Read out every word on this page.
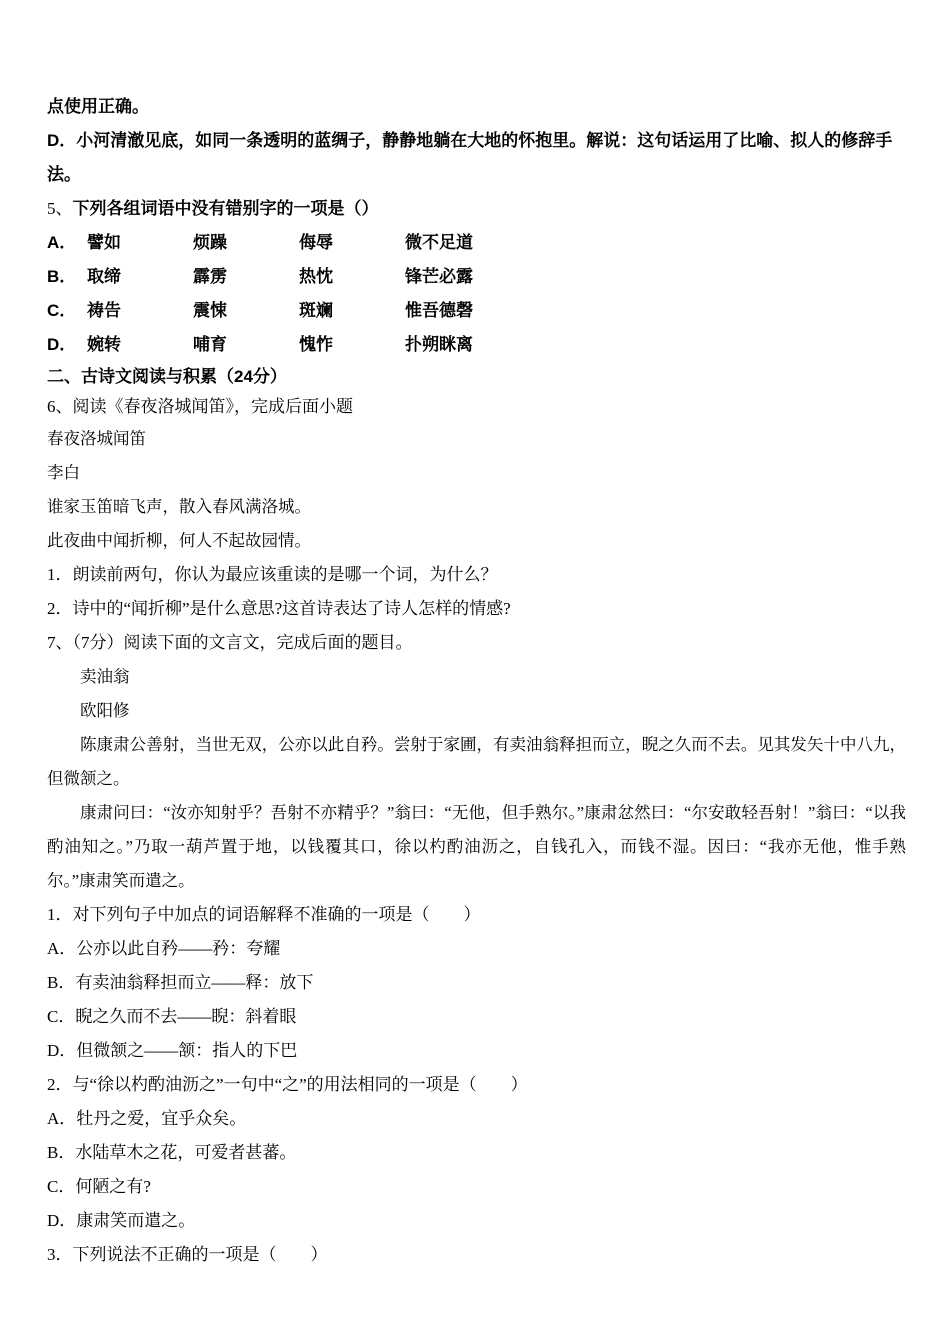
点使用正确。

D．小河清澈见底，如同一条透明的蓝绸子，静静地躺在大地的怀抱里。解说：这句话运用了比喻、拟人的修辞手法。

5、下列各组词语中没有错别字的一项是（）

A． 譬如	烦躁	侮辱	微不足道
B． 取缔	霹雳	热忱	锋芒必露
C． 祷告	震悚	斑斓	惟吾德磬
D． 婉转	哺育	愧怍	扑朔眯离

二、古诗文阅读与积累（24分）

6、阅读《春夜洛城闻笛》，完成后面小题

春夜洛城闻笛

李白

谁家玉笛暗飞声，散入春风满洛城。

此夜曲中闻折柳，何人不起故园情。

1．朗读前两句，你认为最应该重读的是哪一个词，为什么？

2．诗中的“闻折柳”是什么意思?这首诗表达了诗人怎样的情感?

7、（7分）阅读下面的文言文，完成后面的题目。

卖油翁

欧阳修

陈康肃公善射，当世无双，公亦以此自矜。尝射于家圃，有卖油翁释担而立，睨之久而不去。见其发矢十中八九，但微颔之。

康肃问曰：“汝亦知射乎？吾射不亦精乎？”翁曰：“无他，但手熟尔。”康肃忿然曰：“尔安敢轻吾射！”翁曰：“以我酌油知之。”乃取一葫芦置于地，以钱覆其口，徐以杓酌油沥之，自钱孔入，而钱不湿。因曰：“我亦无他，惟手熟尔。”康肃笑而遣之。

1．对下列句子中加点的词语解释不准确的一项是（　　）

A．公亦以此自矜——矜：夸耀

B．有卖油翁释担而立——释：放下

C．睨之久而不去——睨：斜着眼

D．但微颔之——颔：指人的下巴

2．与“徐以杓酌油沥之”一句中“之”的用法相同的一项是（　　）

A．牡丹之爱，宜乎众矣。

B．水陆草木之花，可爱者甚蕃。

C．何陋之有?

D．康肃笑而遣之。

3．下列说法不正确的一项是（　　）
